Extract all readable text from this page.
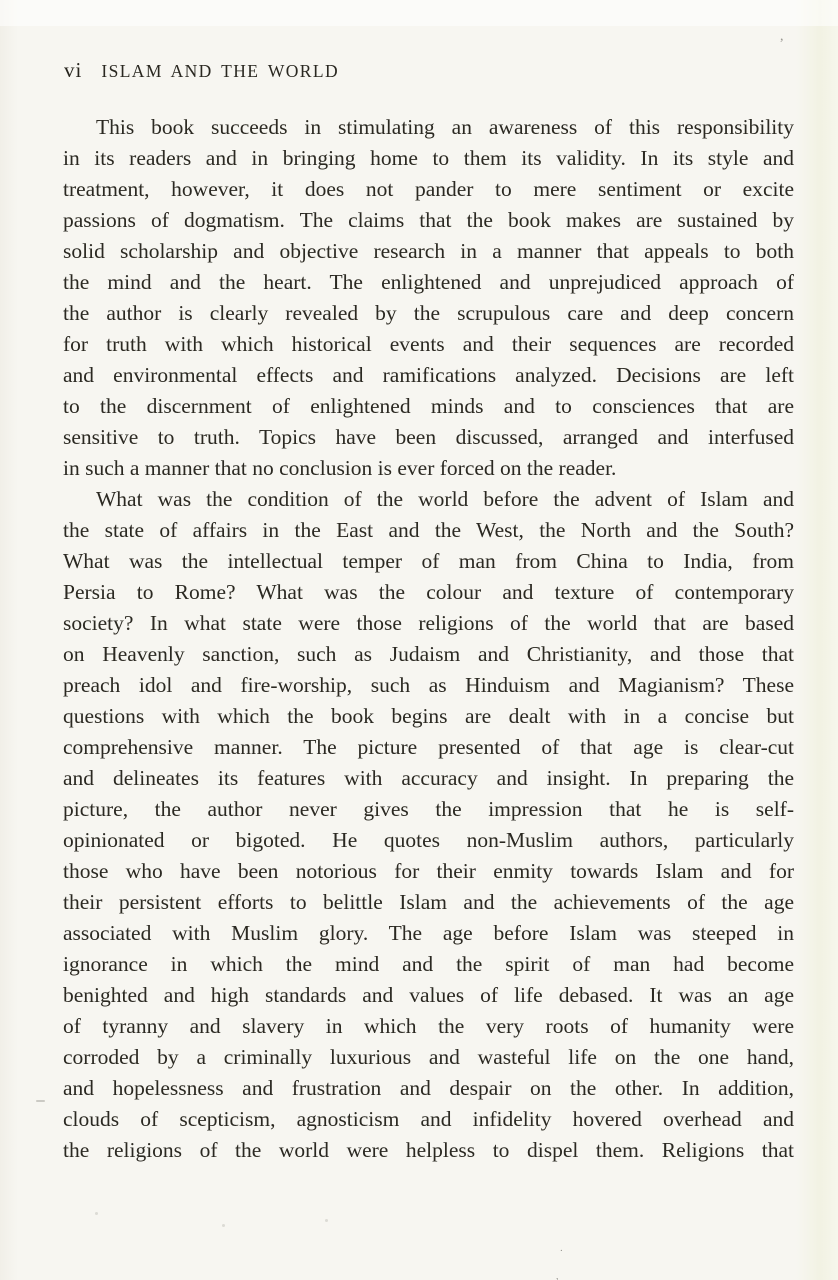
vi ISLAM AND THE WORLD
This book succeeds in stimulating an awareness of this responsibility
in its readers and in bringing home to them its validity. In its style and
treatment, however, it does not pander to mere sentiment or excite
passions of dogmatism. The claims that the book makes are sustained by
solid scholarship and objective research in a manner that appeals to both
the mind and the heart. The enlightened and unprejudiced approach of
the author is clearly revealed by the scrupulous care and deep concern
for truth with which historical events and their sequences are recorded
and environmental effects and ramifications analyzed. Decisions are left
to the discernment of enlightened minds and to consciences that are
sensitive to truth. Topics have been discussed, arranged and interfused
in such a manner that no conclusion is ever forced on the reader.
What was the condition of the world before the advent of Islam and
the state of affairs in the East and the West, the North and the South?
What was the intellectual temper of man from China to India, from
Persia to Rome? What was the colour and texture of contemporary
society? In what state were those religions of the world that are based
on Heavenly sanction, such as Judaism and Christianity, and those that
preach idol and fire-worship, such as Hinduism and Magianism? These
questions with which the book begins are dealt with in a concise but
comprehensive manner. The picture presented of that age is clear-cut
and delineates its features with accuracy and insight. In preparing the
picture, the author never gives the impression that he is self-
opinionated or bigoted. He quotes non-Muslim authors, particularly
those who have been notorious for their enmity towards Islam and for
their persistent efforts to belittle Islam and the achievements of the age
associated with Muslim glory. The age before Islam was steeped in
ignorance in which the mind and the spirit of man had become
benighted and high standards and values of life debased. It was an age
of tyranny and slavery in which the very roots of humanity were
corroded by a criminally luxurious and wasteful life on the one hand,
and hopelessness and frustration and despair on the other. In addition,
clouds of scepticism, agnosticism and infidelity hovered overhead and
the religions of the world were helpless to dispel them. Religions that
,
·
,
